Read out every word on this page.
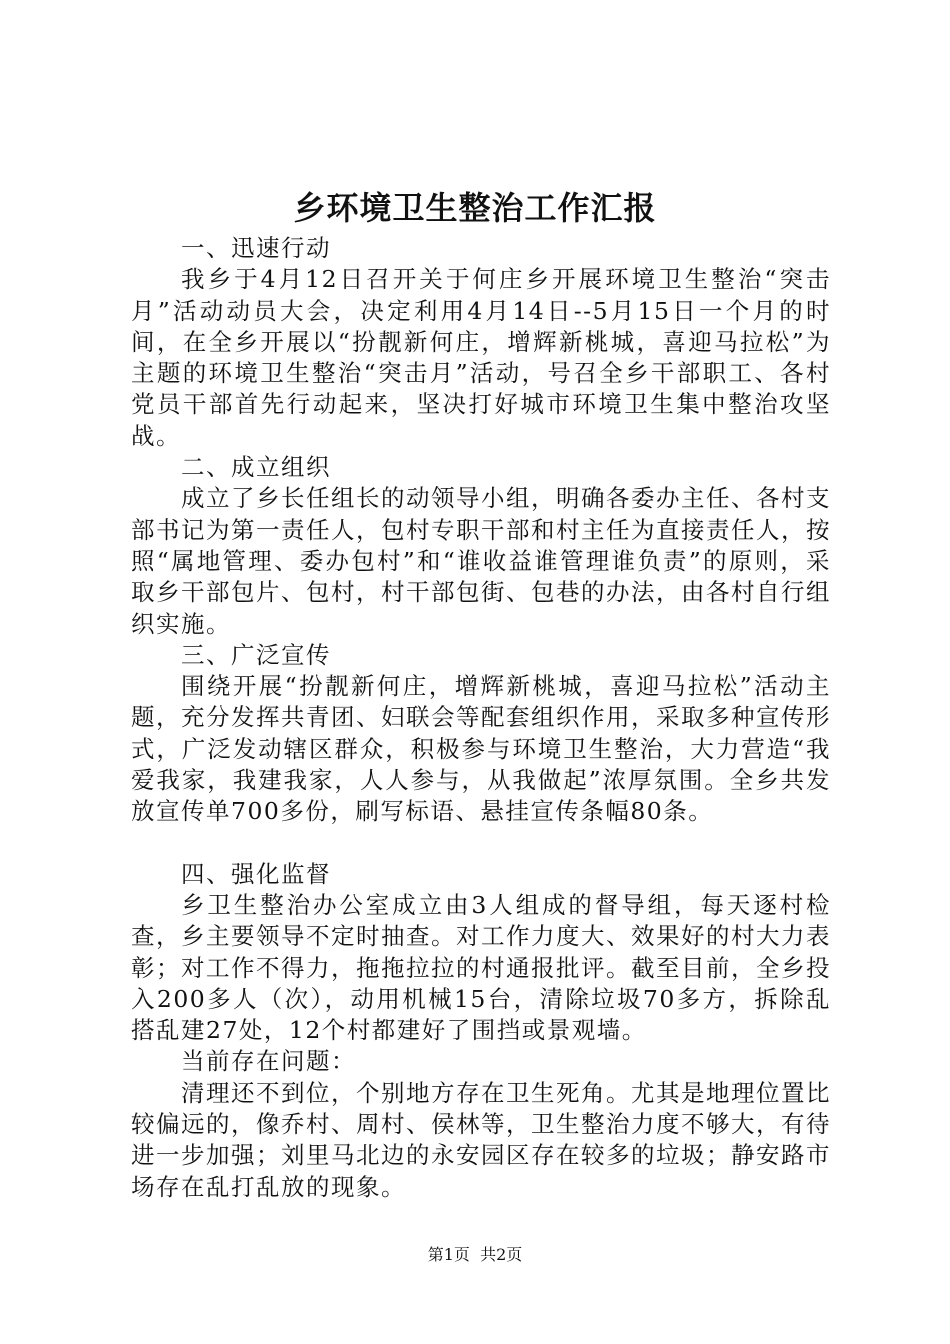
乡环境卫生整治工作汇报

一、迅速行动

我乡于4月12日召开关于何庄乡开展环境卫生整治“突击月”活动动员大会，决定利用4月14日--5月15日一个月的时间，在全乡开展以“扮靓新何庄，增辉新桃城，喜迎马拉松”为主题的环境卫生整治“突击月”活动，号召全乡干部职工、各村党员干部首先行动起来，坚决打好城市环境卫生集中整治攻坚战。

二、成立组织

成立了乡长任组长的动领导小组，明确各委办主任、各村支部书记为第一责任人，包村专职干部和村主任为直接责任人，按照“属地管理、委办包村”和“谁收益谁管理谁负责”的原则，采取乡干部包片、包村，村干部包街、包巷的办法，由各村自行组织实施。

三、广泛宣传

围绕开展“扮靓新何庄，增辉新桃城，喜迎马拉松”活动主题，充分发挥共青团、妇联会等配套组织作用，采取多种宣传形式，广泛发动辖区群众，积极参与环境卫生整治，大力营造“我爱我家，我建我家，人人参与，从我做起”浓厚氛围。全乡共发放宣传单700多份，刷写标语、悬挂宣传条幅80条。

四、强化监督

乡卫生整治办公室成立由3人组成的督导组，每天逐村检查，乡主要领导不定时抽查。对工作力度大、效果好的村大力表彰；对工作不得力，拖拖拉拉的村通报批评。截至目前，全乡投入200多人（次），动用机械15台，清除垃圾70多方，拆除乱搭乱建27处，12个村都建好了围挡或景观墙。

当前存在问题：

清理还不到位，个别地方存在卫生死角。尤其是地理位置比较偏远的，像乔村、周村、侯林等，卫生整治力度不够大，有待进一步加强；刘里马北边的永安园区存在较多的垃圾；静安路市场存在乱打乱放的现象。

第1页  共2页
